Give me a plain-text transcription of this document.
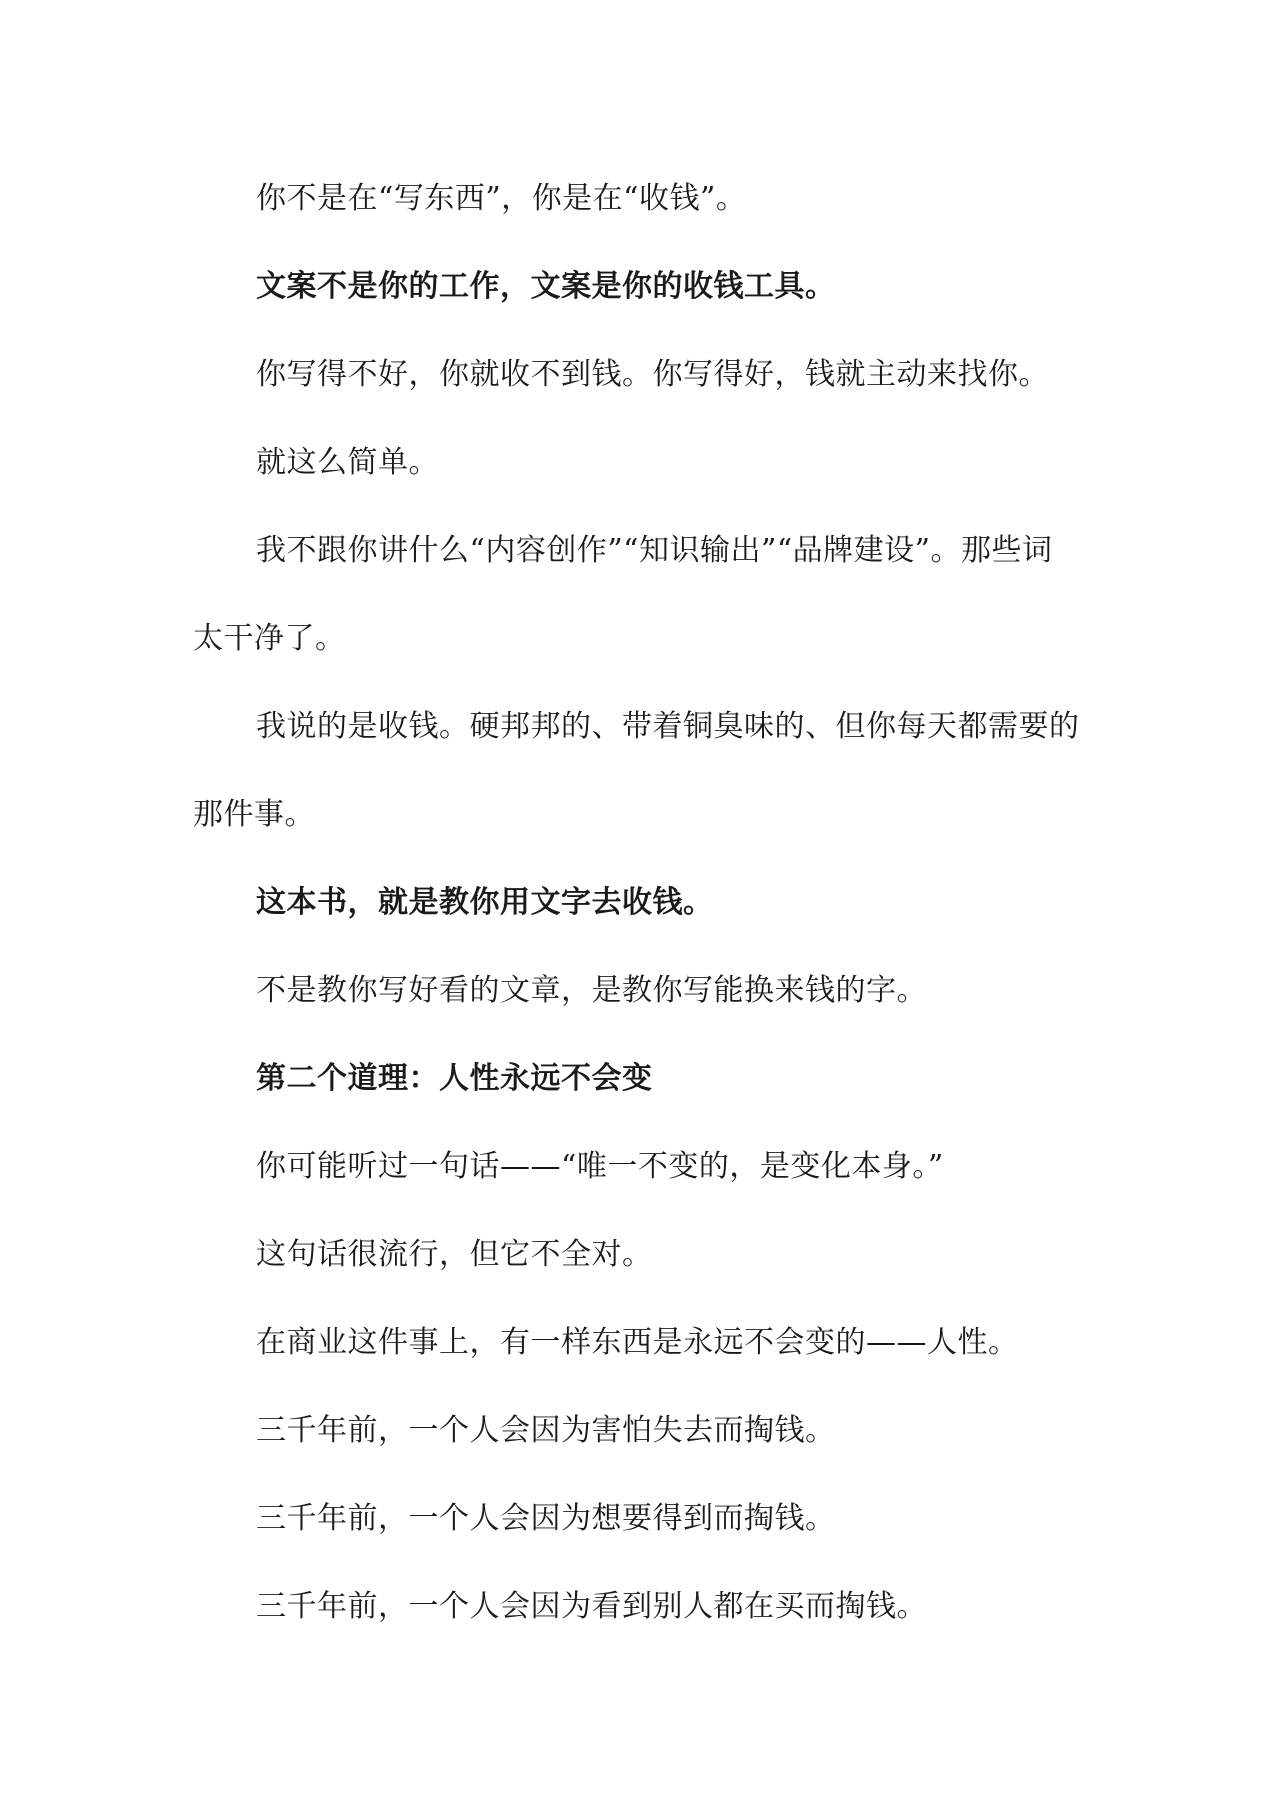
你不是在“写东西”，你是在“收钱”。

文案不是你的工作，文案是你的收钱工具。

你写得不好，你就收不到钱。你写得好，钱就主动来找你。

就这么简单。

我不跟你讲什么“内容创作”“知识输出”“品牌建设”。那些词太干净了。

我说的是收钱。硬邦邦的、带着铜臭味的、但你每天都需要的那件事。

这本书，就是教你用文字去收钱。

不是教你写好看的文章，是教你写能换来钱的字。

第二个道理：人性永远不会变

你可能听过一句话——“唯一不变的，是变化本身。”

这句话很流行，但它不全对。

在商业这件事上，有一样东西是永远不会变的——人性。

三千年前，一个人会因为害怕失去而掏钱。

三千年前，一个人会因为想要得到而掏钱。

三千年前，一个人会因为看到别人都在买而掏钱。
